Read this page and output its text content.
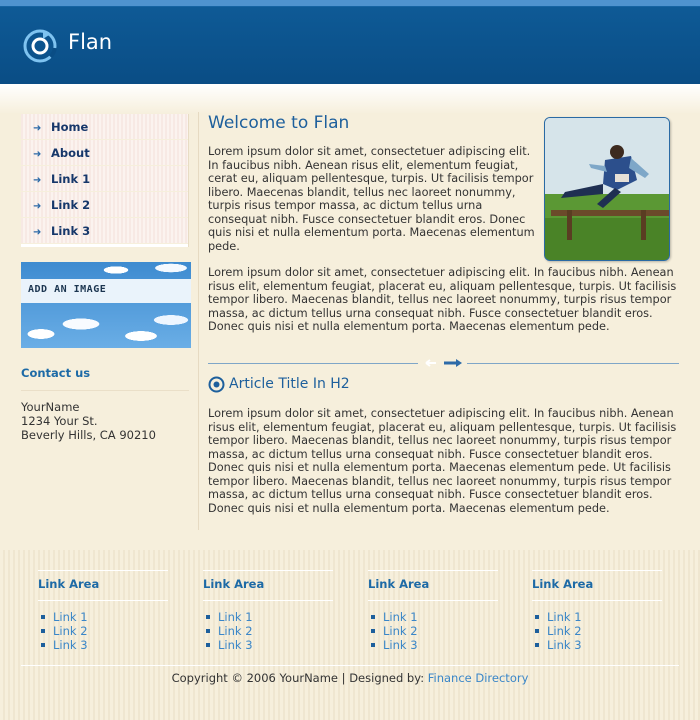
Flan
➜ Home
➜ About
➜ Link 1
➜ Link 2
➜ Link 3
ADD AN IMAGE
Contact us
YourName
1234 Your St.
Beverly Hills, CA 90210
Welcome to Flan
Lorem ipsum dolor sit amet, consectetuer adipiscing elit. In faucibus nibh. Aenean risus elit, elementum feugiat, cerat eu, aliquam pellentesque, turpis. Ut facilisis tempor libero. Maecenas blandit, tellus nec laoreet nonummy, turpis risus tempor massa, ac dictum tellus urna consequat nibh. Fusce consectetuer blandit eros. Donec quis nisi et nulla elementum porta. Maecenas elementum pede.
Lorem ipsum dolor sit amet, consectetuer adipiscing elit. In faucibus nibh. Aenean risus elit, elementum feugiat, placerat eu, aliquam pellentesque, turpis. Ut facilisis tempor libero. Maecenas blandit, tellus nec laoreet nonummy, turpis risus tempor massa, ac dictum tellus urna consequat nibh. Fusce consectetuer blandit eros. Donec quis nisi et nulla elementum porta. Maecenas elementum pede.
Article Title In H2
Lorem ipsum dolor sit amet, consectetuer adipiscing elit. In faucibus nibh. Aenean risus elit, elementum feugiat, placerat eu, aliquam pellentesque, turpis. Ut facilisis tempor libero. Maecenas blandit, tellus nec laoreet nonummy, turpis risus tempor massa, ac dictum tellus urna consequat nibh. Fusce consectetuer blandit eros. Donec quis nisi et nulla elementum porta. Maecenas elementum pede. Ut facilisis tempor libero. Maecenas blandit, tellus nec laoreet nonummy, turpis risus tempor massa, ac dictum tellus urna consequat nibh. Fusce consectetuer blandit eros. Donec quis nisi et nulla elementum porta. Maecenas elementum pede.
Link Area
Link 1
Link 2
Link 3
Link Area
Link 1
Link 2
Link 3
Link Area
Link 1
Link 2
Link 3
Link Area
Link 1
Link 2
Link 3
Copyright © 2006 YourName | Designed by: Finance Directory
